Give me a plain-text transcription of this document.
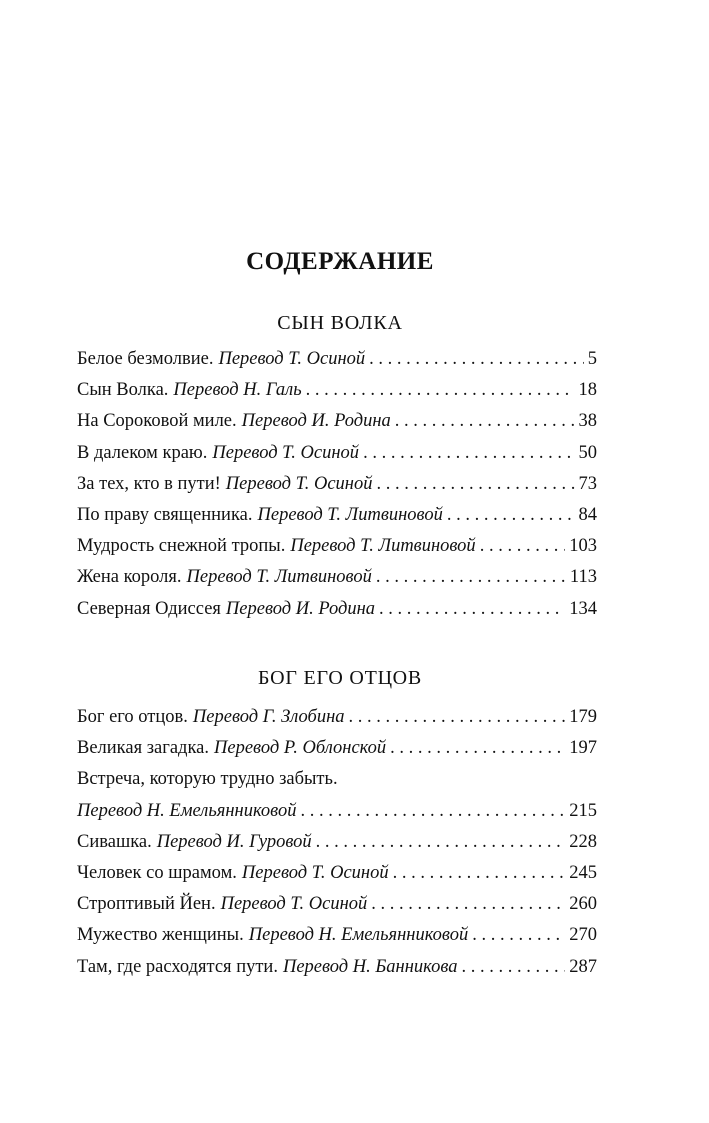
СОДЕРЖАНИЕ
СЫН ВОЛКА
Белое безмолвие. Перевод Т. Осиной . . .	5
Сын Волка. Перевод Н. Галь . . .	18
На Сороковой миле. Перевод И. Родина . . .	38
В далеком краю. Перевод Т. Осиной . . .	50
За тех, кто в пути! Перевод Т. Осиной . . .	73
По праву священника. Перевод Т. Литвиновой . . .	84
Мудрость снежной тропы. Перевод Т. Литвиновой . . .	103
Жена короля. Перевод Т. Литвиновой . . .	113
Северная Одиссея Перевод И. Родина . . .	134
БОГ ЕГО ОТЦОВ
Бог его отцов. Перевод Г. Злобина . . .	179
Великая загадка. Перевод Р. Облонской . . .	197
Встреча, которую трудно забыть.
Перевод Н. Емельянниковой . . .	215
Сивашка. Перевод И. Гуровой . . .	228
Человек со шрамом. Перевод Т. Осиной . . .	245
Строптивый Йен. Перевод Т. Осиной . . .	260
Мужество женщины. Перевод Н. Емельянниковой . . .	270
Там, где расходятся пути. Перевод Н. Банникова . . .	287
